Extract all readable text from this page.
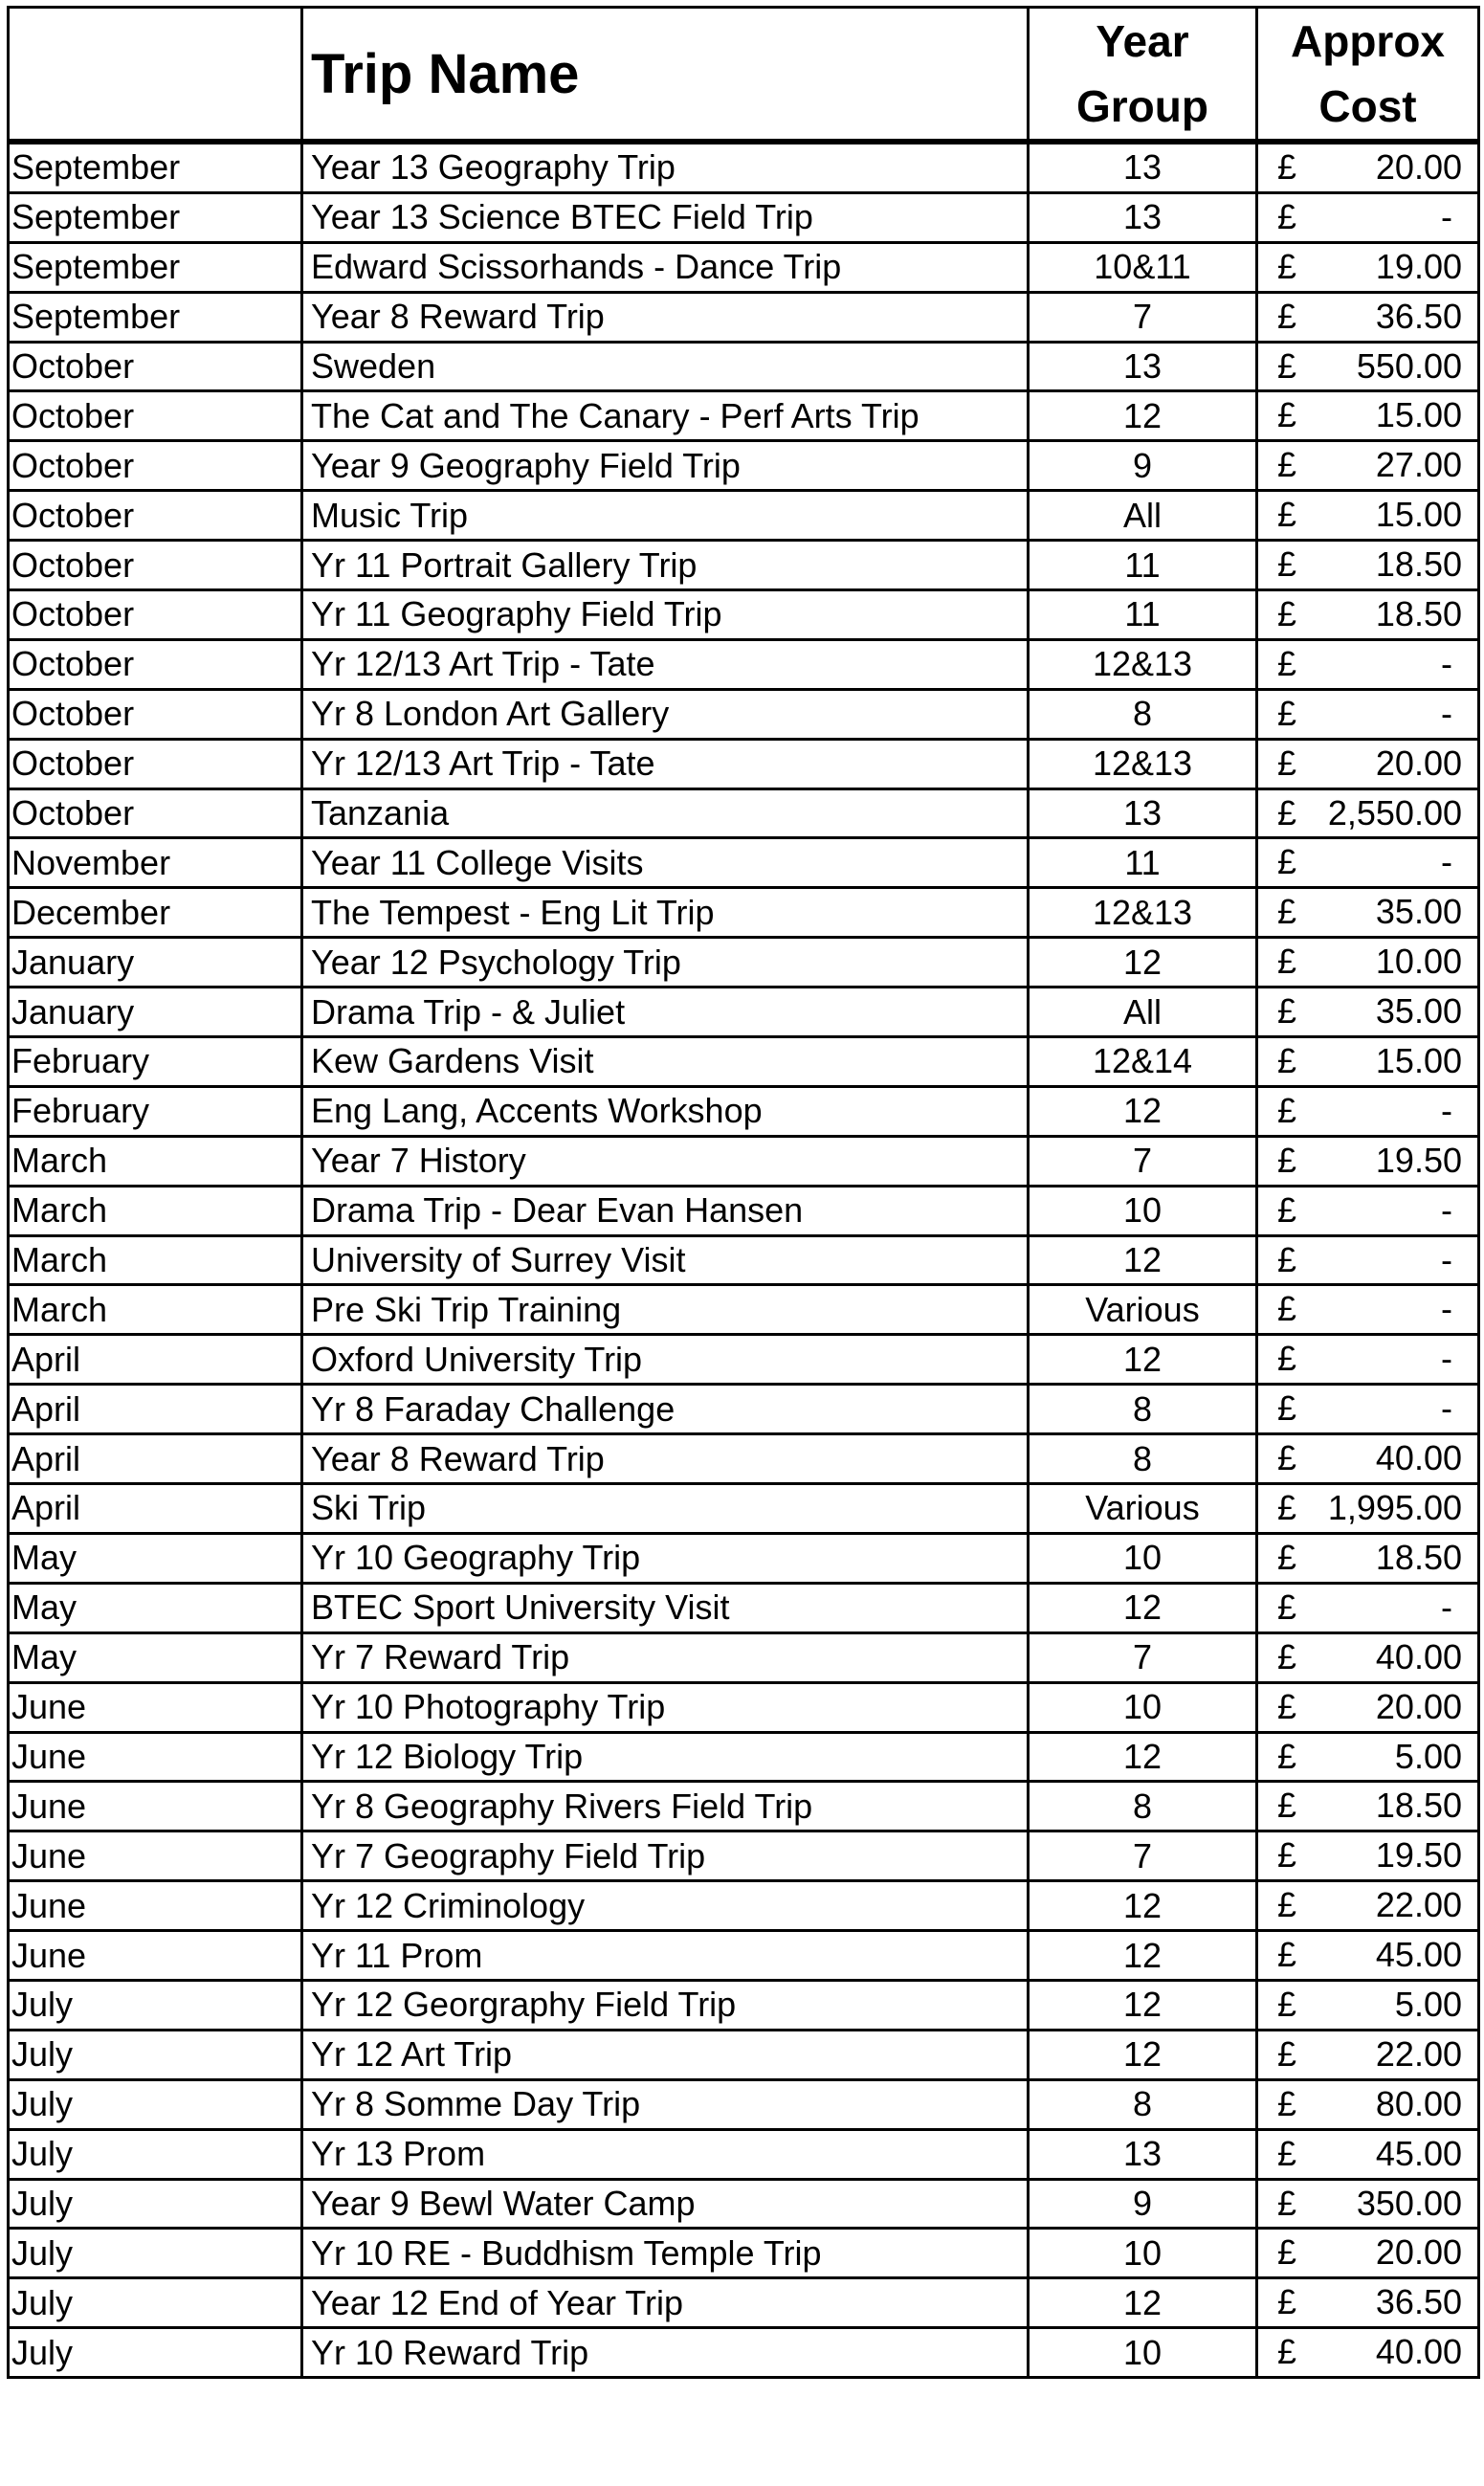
	Trip Name	Year Group	Approx Cost
September	Year 13 Geography Trip	13	£ 20.00

September	Year 13 Science BTEC Field Trip	13	£ -

September	Edward Scissorhands - Dance Trip	10&11	£ 19.00

September	Year 8 Reward Trip	7	£ 36.50

October	Sweden	13	£ 550.00

October	The Cat and The Canary - Perf Arts Trip	12	£ 15.00

October	Year 9 Geography Field Trip	9	£ 27.00

October	Music Trip	All	£ 15.00

October	Yr 11 Portrait Gallery Trip	11	£ 18.50

October	Yr 11 Geography Field Trip	11	£ 18.50

October	Yr 12/13 Art Trip - Tate	12&13	£ -

October	Yr 8 London Art Gallery	8	£ -

October	Yr 12/13 Art Trip - Tate	12&13	£ 20.00

October	Tanzania	13	£ 2,550.00

November	Year 11 College Visits	11	£ -

December	The Tempest - Eng Lit Trip	12&13	£ 35.00

January	Year 12 Psychology Trip	12	£ 10.00

January	Drama Trip - & Juliet	All	£ 35.00

February	Kew Gardens Visit	12&14	£ 15.00

February	Eng Lang, Accents Workshop	12	£ -

March	Year 7 History	7	£ 19.50

March	Drama Trip - Dear Evan Hansen	10	£ -

March	University of Surrey Visit	12	£ -

March	Pre Ski Trip Training	Various	£ -

April	Oxford University Trip	12	£ -

April	Yr 8 Faraday Challenge	8	£ -

April	Year 8 Reward Trip	8	£ 40.00

April	Ski Trip	Various	£ 1,995.00

May	Yr 10 Geography Trip	10	£ 18.50

May	BTEC Sport University Visit	12	£ -

May	Yr 7 Reward Trip	7	£ 40.00

June	Yr 10 Photography Trip	10	£ 20.00

June	Yr 12 Biology Trip	12	£ 5.00

June	Yr 8 Geography Rivers Field Trip	8	£ 18.50

June	Yr 7 Geography Field Trip	7	£ 19.50

June	Yr 12 Criminology	12	£ 22.00

June	Yr 11 Prom	12	£ 45.00

July	Yr 12 Georgraphy Field Trip	12	£ 5.00

July	Yr 12 Art Trip	12	£ 22.00

July	Yr 8 Somme Day Trip	8	£ 80.00

July	Yr 13 Prom	13	£ 45.00

July	Year 9 Bewl Water Camp	9	£ 350.00

July	Yr 10 RE - Buddhism Temple Trip	10	£ 20.00

July	Year 12 End of Year Trip	12	£ 36.50

July	Yr 10 Reward Trip	10	£ 40.00
